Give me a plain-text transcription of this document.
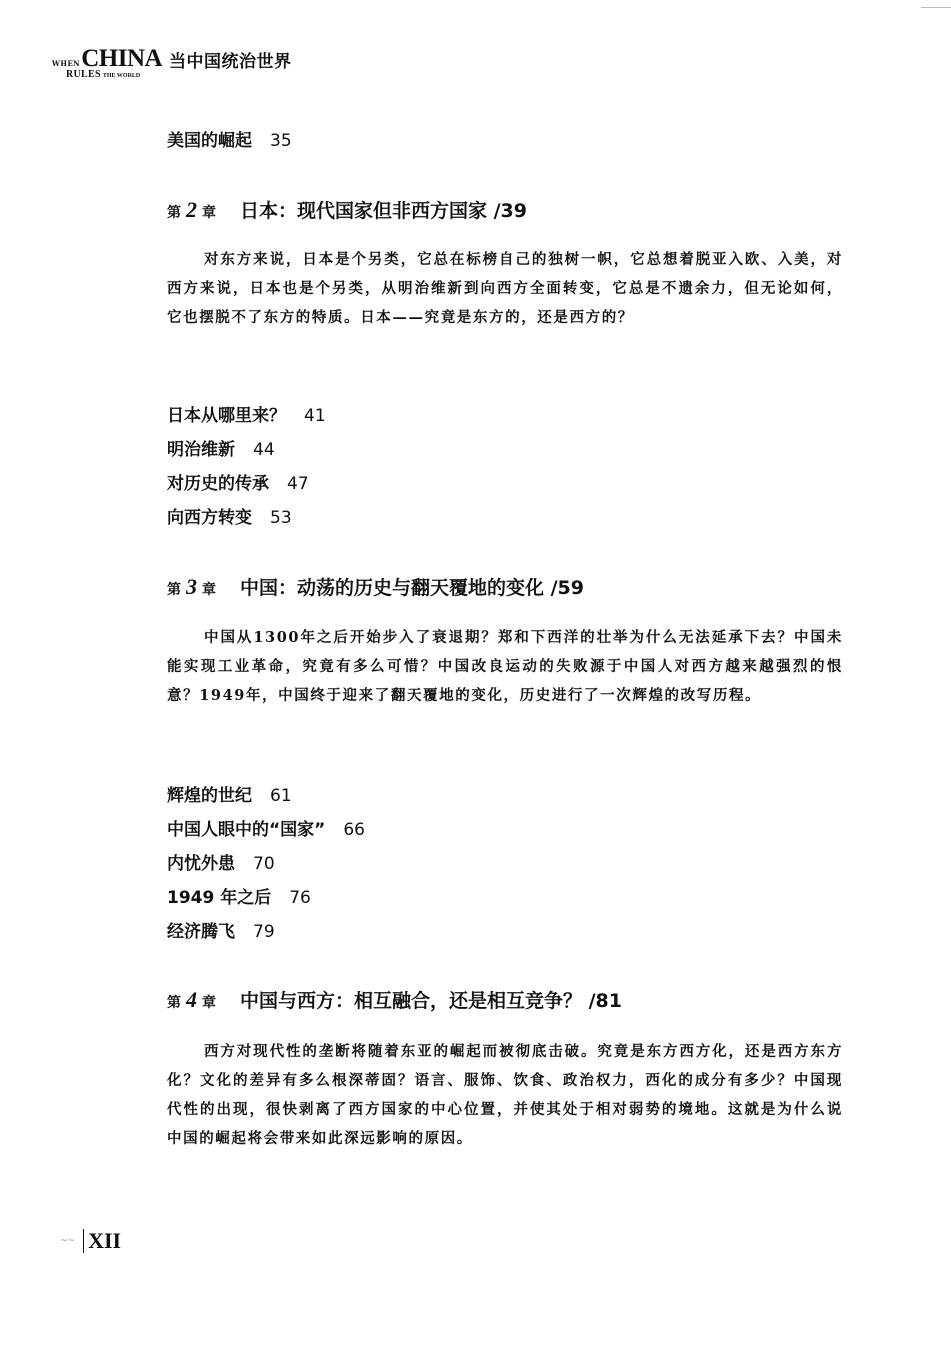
WHEN CHINA
RULES THE WORLD
当中国统治世界
美国的崛起 35
第 2 章 日本：现代国家但非西方国家 /39
对东方来说，日本是个另类，它总在标榜自己的独树一帜，它总想着脱亚入欧、入美，对西方来说，日本也是个另类，从明治维新到向西方全面转变，它总是不遗余力，但无论如何，它也摆脱不了东方的特质。日本——究竟是东方的，还是西方的？
日本从哪里来？ 41
明治维新 44
对历史的传承 47
向西方转变 53
第 3 章 中国：动荡的历史与翻天覆地的变化 /59
中国从1300年之后开始步入了衰退期？郑和下西洋的壮举为什么无法延承下去？中国未能实现工业革命，究竟有多么可惜？中国改良运动的失败源于中国人对西方越来越强烈的恨意？1949年，中国终于迎来了翻天覆地的变化，历史进行了一次辉煌的改写历程。
辉煌的世纪 61
中国人眼中的“国家” 66
内忧外患 70
1949 年之后 76
经济腾飞 79
第 4 章 中国与西方：相互融合，还是相互竞争？ /81
西方对现代性的垄断将随着东亚的崛起而被彻底击破。究竟是东方西方化，还是西方东方化？文化的差异有多么根深蒂固？语言、服饰、饮食、政治权力，西化的成分有多少？中国现代性的出现，很快剥离了西方国家的中心位置，并使其处于相对弱势的境地。这就是为什么说中国的崛起将会带来如此深远影响的原因。
~~ XII
